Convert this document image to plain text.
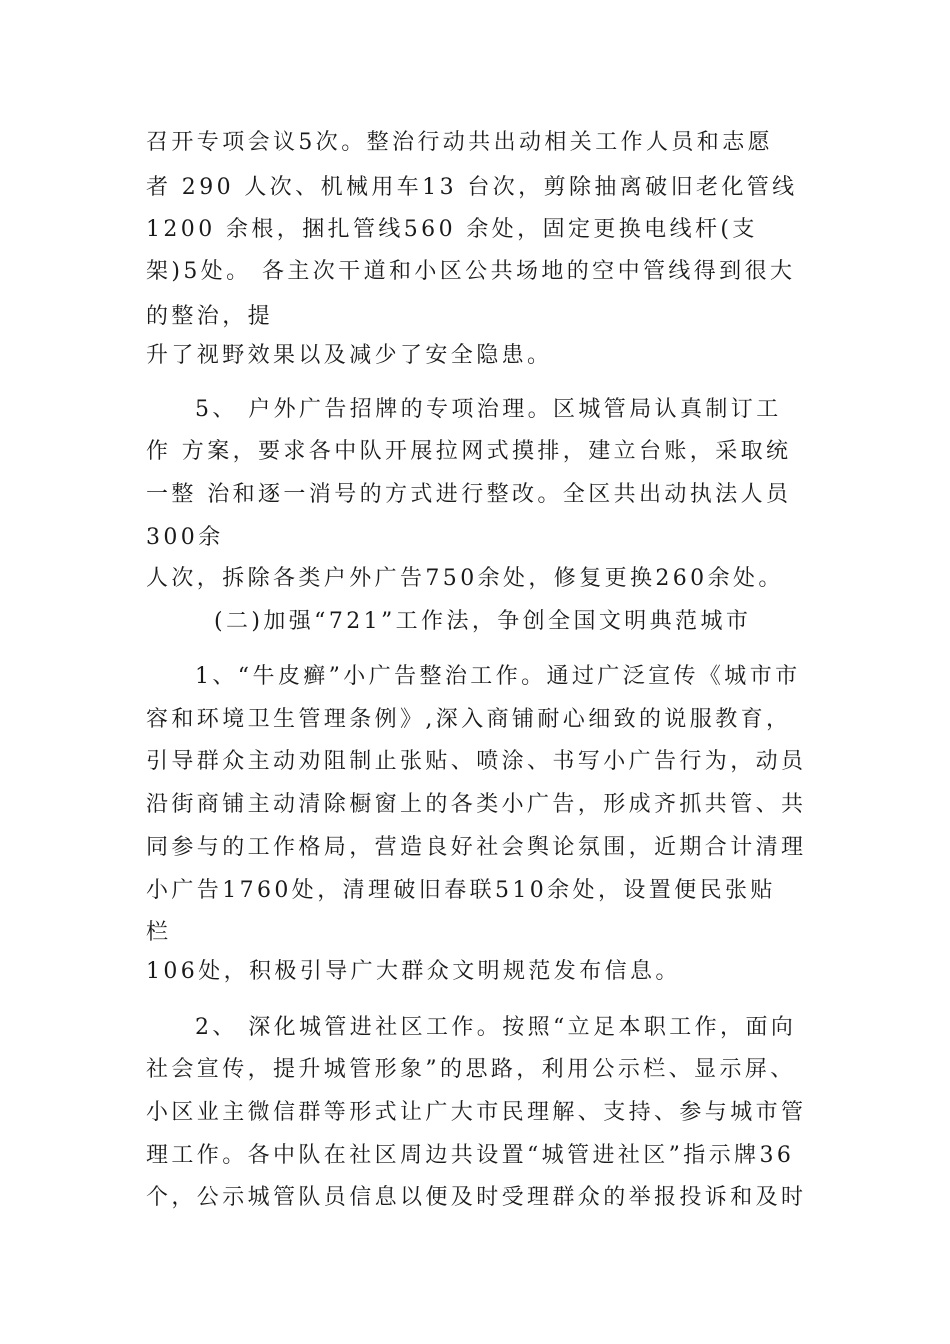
召开专项会议5次。整治行动共出动相关工作人员和志愿
者 290 人次、机械用车13 台次，剪除抽离破旧老化管线
1200 余根，捆扎管线560 余处，固定更换电线杆(支
架)5处。 各主次干道和小区公共场地的空中管线得到很大
的整治，提
升了视野效果以及减少了安全隐患。
5、 户外广告招牌的专项治理。区城管局认真制订工
作 方案，要求各中队开展拉网式摸排，建立台账，采取统
一整 治和逐一消号的方式进行整改。全区共出动执法人员
300余
人次，拆除各类户外广告750余处，修复更换260余处。
(二)加强“721”工作法，争创全国文明典范城市
1、“牛皮癣”小广告整治工作。通过广泛宣传《城市市
容和环境卫生管理条例》,深入商铺耐心细致的说服教育，
引导群众主动劝阻制止张贴、喷涂、书写小广告行为，动员
沿街商铺主动清除橱窗上的各类小广告，形成齐抓共管、共
同参与的工作格局，营造良好社会舆论氛围，近期合计清理
小广告1760处，清理破旧春联510余处，设置便民张贴
栏
106处，积极引导广大群众文明规范发布信息。
2、 深化城管进社区工作。按照“立足本职工作，面向
社会宣传，提升城管形象”的思路，利用公示栏、显示屏、
小区业主微信群等形式让广大市民理解、支持、参与城市管
理工作。各中队在社区周边共设置“城管进社区”指示牌36
个，公示城管队员信息以便及时受理群众的举报投诉和及时
